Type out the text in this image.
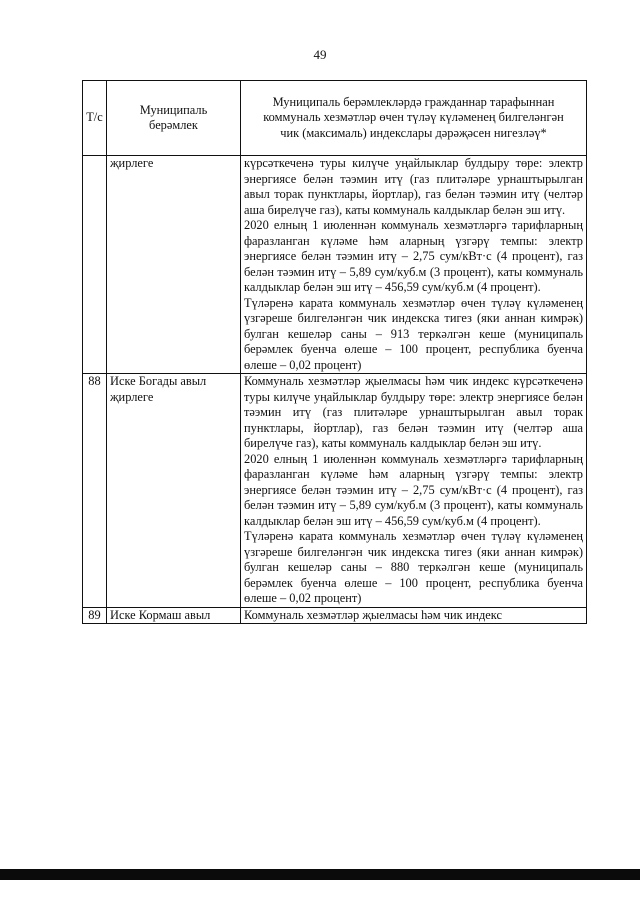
49
Т/с	Муниципаль берәмлек	Муниципаль берәмлекләрдә гражданнар тарафыннан коммуналь хезмәтләр өчен түләү күләменең билгеләнгән чик (максималь) индекслары дәрәҗәсен нигезләү*
	җирлеге	күрсәткеченә туры килүче уңайлыклар булдыру төре: электр энергиясе белән тәэмин итү (газ плитәләре урнаштырылган авыл торак пунктлары, йортлар), газ белән тәэмин итү (челтәр аша бирелүче газ), каты коммуналь калдыклар белән эш итү.

2020 елның 1 июленнән коммуналь хезмәтләргә тарифларның фаразланган күләме һәм аларның үзгәрү темпы: электр энергиясе белән тәэмин итү – 2,75 сум/кВт·с (4 процент), газ белән тәэмин итү – 5,89 сум/куб.м (3 процент), каты коммуналь калдыклар белән эш итү – 456,59 сум/куб.м (4 процент).

Түләренә карата коммуналь хезмәтләр өчен түләү күләменең үзгәреше билгеләнгән чик индекска тигез (яки аннан кимрәк) булган кешеләр саны – 913 теркәлгән кеше (муниципаль берәмлек буенча өлеше – 100 процент, республика буенча өлеше – 0,02 процент)

88	Иске Богады авыл җирлеге	Коммуналь хезмәтләр җыелмасы һәм чик индекс күрсәткеченә туры килүче уңайлыклар булдыру төре: электр энергиясе белән тәэмин итү (газ плитәләре урнаштырылган авыл торак пунктлары, йортлар), газ белән тәэмин итү (челтәр аша бирелүче газ), каты коммуналь калдыклар белән эш итү.

2020 елның 1 июленнән коммуналь хезмәтләргә тарифларның фаразланган күләме һәм аларның үзгәрү темпы: электр энергиясе белән тәэмин итү – 2,75 сум/кВт·с (4 процент), газ белән тәэмин итү – 5,89 сум/куб.м (3 процент), каты коммуналь калдыклар белән эш итү – 456,59 сум/куб.м (4 процент).

Түләренә карата коммуналь хезмәтләр өчен түләү күләменең үзгәреше билгеләнгән чик индекска тигез (яки аннан кимрәк) булган кешеләр саны – 880 теркәлгән кеше (муниципаль берәмлек буенча өлеше – 100 процент, республика буенча өлеше – 0,02 процент)

89	Иске Кормаш авыл	Коммуналь хезмәтләр җыелмасы һәм чик индекс
